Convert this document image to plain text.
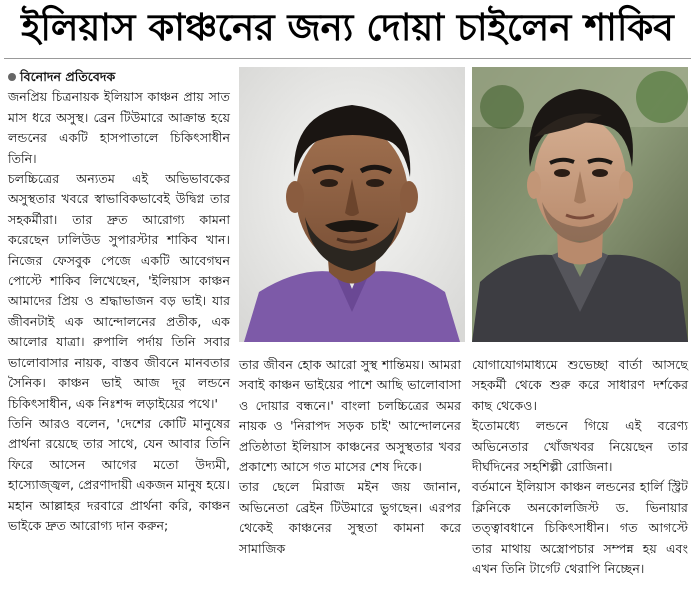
ইলিয়াস কাঞ্চনের জন্য দোয়া চাইলেন শাকিব
বিনোদন প্রতিবেদক

জনপ্রিয় চিত্রনায়ক ইলিয়াস কাঞ্চন প্রায় সাত মাস ধরে অসুস্থ। ব্রেন টিউমারে আক্রান্ত হয়ে লন্ডনের একটি হাসপাতালে চিকিৎসাধীন তিনি।

চলচ্চিত্রের অন্যতম এই অভিভাবকের অসুস্থতার খবরে স্বাভাবিকভাবেই উদ্বিগ্ন তার সহকর্মীরা। তার দ্রুত আরোগ্য কামনা করেছেন ঢালিউড সুপারস্টার শাকিব খান। নিজের ফেসবুক পেজে একটি আবেগঘন পোস্টে শাকিব লিখেছেন, 'ইলিয়াস কাঞ্চন আমাদের প্রিয় ও শ্রদ্ধাভাজন বড় ভাই। যার জীবনটাই এক আন্দোলনের প্রতীক, এক আলোর যাত্রা। রুপালি পর্দায় তিনি সবার ভালোবাসার নায়ক, বাস্তব জীবনে মানবতার সৈনিক। কাঞ্চন ভাই আজ দূর লন্ডনে চিকিৎসাধীন, এক নিঃশব্দ লড়াইয়ের পথে।'

তিনি আরও বলেন, 'দেশের কোটি মানুষের প্রার্থনা রয়েছে তার সাথে, যেন আবার তিনি ফিরে আসেন আগের মতো উদ্যমী, হাস্যোজ্জ্বল, প্রেরণাদায়ী একজন মানুষ হয়ে। মহান আল্লাহর দরবারে প্রার্থনা করি, কাঞ্চন ভাইকে দ্রুত আরোগ্য দান করুন;

তার জীবন হোক আরো সুস্থ শান্তিময়। আমরা সবাই কাঞ্চন ভাইয়ের পাশে আছি ভালোবাসা ও দোয়ার বন্ধনে।' বাংলা চলচ্চিত্রের অমর নায়ক ও 'নিরাপদ সড়ক চাই' আন্দোলনের প্রতিষ্ঠাতা ইলিয়াস কাঞ্চনের অসুস্থতার খবর প্রকাশ্যে আসে গত মাসের শেষ দিকে।

তার ছেলে মিরাজ মইন জয় জানান, অভিনেতা ব্রেইন টিউমারে ভুগছেন। এরপর থেকেই কাঞ্চনের সুস্থতা কামনা করে সামাজিক

যোগাযোগমাধ্যমে শুভেচ্ছা বার্তা আসছে সহকর্মী থেকে শুরু করে সাধারণ দর্শকের কাছ থেকেও।

ইতোমধ্যে লন্ডনে গিয়ে এই বরেণ্য অভিনেতার খোঁজখবর নিয়েছেন তার দীর্ঘদিনের সহশিল্পী রোজিনা।

বর্তমানে ইলিয়াস কাঞ্চন লন্ডনের হার্লি স্ট্রিট ক্লিনিকে অনকোলজিস্ট ড. ভিনায়ার তত্ত্বাবধানে চিকিৎসাধীন। গত আগস্টে তার মাথায় অস্ত্রোপচার সম্পন্ন হয় এবং এখন তিনি টার্গেট থেরাপি নিচ্ছেন।
